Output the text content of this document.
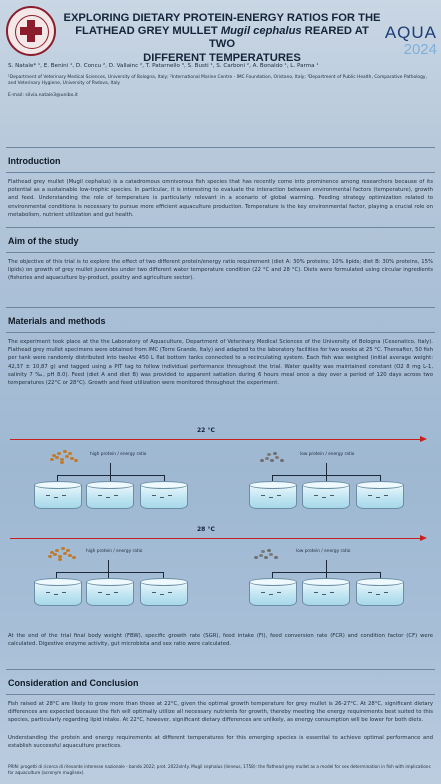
EXPLORING DIETARY PROTEIN-ENERGY RATIOS FOR THE
FLATHEAD GREY MULLET Mugil cephalus REARED AT TWO
DIFFERENT TEMPERATURES
AQUA
2024
S. Natale* ¹, E. Benini ¹, D. Concu ², D. Vallainc ², T. Patarnello ³, S. Busti ¹, S. Carboni ², A. Bonaldo ¹, L. Parma ¹
¹Department of Veterinary Medical Sciences, University of Bologna, Italy; ²International Marine Centre - IMC Foundation, Oristano, Italy; ³Department of Public Health, Comparative Pathology, and Veterinary Hygiene, University of Padova, Italy
E-mail: silvia.natale3@unibo.it
Introduction
Flathead grey mullet (Mugil cephalus) is a catadromous omnivorous fish species that has recently come into prominence among researchers because of its potential as a sustainable low-trophic species. In particular, it is interesting to evaluate the interaction between environmental factors (temperature), growth and feed. Understanding the role of temperature is particularly relevant in a scenario of global warming. Feeding strategy optimization related to environmental conditions is necessary to pursue more efficient aquaculture production. Temperature is the key environmental factor, playing a crucial role on metabolism, nutrient utilization and gut health.
Aim of the study
The objective of this trial is to explore the effect of two different protein/energy ratio requirement (diet A: 30% proteins; 10% lipids; diet B: 30% proteins, 15% lipids) on growth of grey mullet juveniles under two different water temperature condition (22 °C and 28 °C). Diets were formulated using circular ingredients (fisheries and aquaculture by-product, poultry and agriculture sector).
Materials and methods
The experiment took place at the the Laboratory of Aquaculture, Department of Veterinary Medical Sciences of the University of Bologna (Cesenatico, Italy). Flathead grey mullet specimens were obtained from IMC (Torre Grande, Italy) and adapted to the laboratory facilities for two weeks at 25 °C. Thereafter, 50 fish per tank were randomly distributed into twelve 450 L flat bottom tanks connected to a recirculating system. Each fish was weighed (initial average weight: 42,37 ± 10,87 g) and tagged using a PIT tag to follow individual performance throughout the trial. Water quality was maintained constant (O2 8 mg L-1, salinity 7 ‰, pH 8.0). Feed (diet A and diet B) was provided to apparent satiation during 6 hours meal once a day over a period of 120 days across two temperatures (22°C or 28°C). Growth and feed utilization were monitored throughout the experiment.
22 °C
high protein / energy ratio	low protein / energy ratio
28 °C
high protein / energy ratio	low protein / energy ratio
At the end of the trial final body weight (FBW), specific growth rate (SGR), feed intake (FI), feed conversion rate (FCR) and condition factor (CF) were calculated. Digestive enzyme activity, gut microbiota and sex ratio were calculated.
Consideration and Conclusion
Fish raised at 28°C are likely to grow more than those at 22°C, given the optimal growth temperature for grey mullet is 26-27°C. At 28°C, significant dietary differences are expected because the fish will optimally utilize all necessary nutrients for growth, thereby meeting the energy requirements best suited to this species, particularly regarding lipid intake. At 22°C, however, significant dietary differences are unlikely, as energy consumption will be lower for both diets.
Understanding the protein and energy requirements at different temperatures for this emerging species is essential to achieve optimal performance and establish successful aquaculture practices.
PRIN: progetti di ricerca di rilevante interesse nazionale - bando 2022; prot. 2022xlr4y. Mugil cephalus (linneus, 1758): the flathead grey mullet as a model for sex determination in fish with implications for aquaculture (acronym mugilsex).
